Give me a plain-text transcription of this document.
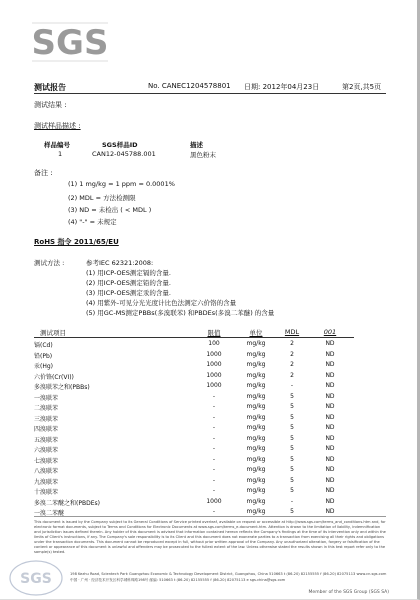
SGS
测试报告	No. CANEC1204578801 日期: 2012年04月23日	第2页,共5页
测试结果 :
测试样品描述 :
样品编号	SGS样品ID	描述
1	CAN12-045788.001	黑色粉末
备注 :
(1) 1 mg/kg = 1 ppm = 0.0001%
(2) MDL = 方法检测限
(3) ND = 未检出 ( < MDL )
(4) "-" = 未规定
RoHS 指令 2011/65/EU
测试方法 :	参考IEC 62321:2008:
(1) 用ICP-OES测定镉的含量.
(2) 用ICP-OES测定铅的含量.
(3) 用ICP-OES测定汞的含量.
(4) 用紫外-可见分光光度计比色法测定六价铬的含量
(5) 用GC-MS测定PBBs(多溴联苯) 和PBDEs(多溴二苯醚) 的含量
测试项目	限值	单位	MDL	001
镉(Cd)	100	mg/kg	2	ND
铅(Pb)	1000	mg/kg	2	ND
汞(Hg)	1000	mg/kg	2	ND
六价铬(Cr(VI))	1000	mg/kg	2	ND
多溴联苯之和(PBBs)	1000	mg/kg	-	ND
一溴联苯	-	mg/kg	5	ND
二溴联苯	-	mg/kg	5	ND
三溴联苯	-	mg/kg	5	ND
四溴联苯	-	mg/kg	5	ND
五溴联苯	-	mg/kg	5	ND
六溴联苯	-	mg/kg	5	ND
七溴联苯	-	mg/kg	5	ND
八溴联苯	-	mg/kg	5	ND
九溴联苯	-	mg/kg	5	ND
十溴联苯	-	mg/kg	5	ND
多溴二苯醚之和(PBDEs)	1000	mg/kg	-	ND
一溴二苯醚	-	mg/kg	5	ND
This document is issued by the Company subject to its General Conditions of Service printed overleaf, available on request or accessible at http://www.sgs.com/terms_and_conditions.htm and, for electronic format documents, subject to Terms and Conditions for Electronic Documents at www.sgs.com/terms_e-document.htm. Attention is drawn to the limitation of liability, indemnification and jurisdiction issues defined therein. Any holder of this document is advised that information contained hereon reflects the Company's findings at the time of its intervention only and within the limits of Client's instructions, if any. The Company's sole responsibility is to its Client and this document does not exonerate parties to a transaction from exercising all their rights and obligations under the transaction documents. This document cannot be reproduced except in full, without prior written approval of the Company. Any unauthorized alteration, forgery or falsification of the content or appearance of this document is unlawful and offenders may be prosecuted to the fullest extent of the law. Unless otherwise stated the results shown in this test report refer only to the sample(s) tested.
SGS	198 Kezhu Road, Scientech Park Guangzhou Economic & Technology Development District, Guangzhou, China 510663 t (86-20) 82155555 f (86-20) 82075113 www.cn.sgs.com
中国 · 广州 · 经济技术开发区科学城科珠路198号 邮编: 510663 t (86-20) 82155555 f (86-20) 82075113 e sgs.china@sgs.com
Member of the SGS Group (SGS SA)
